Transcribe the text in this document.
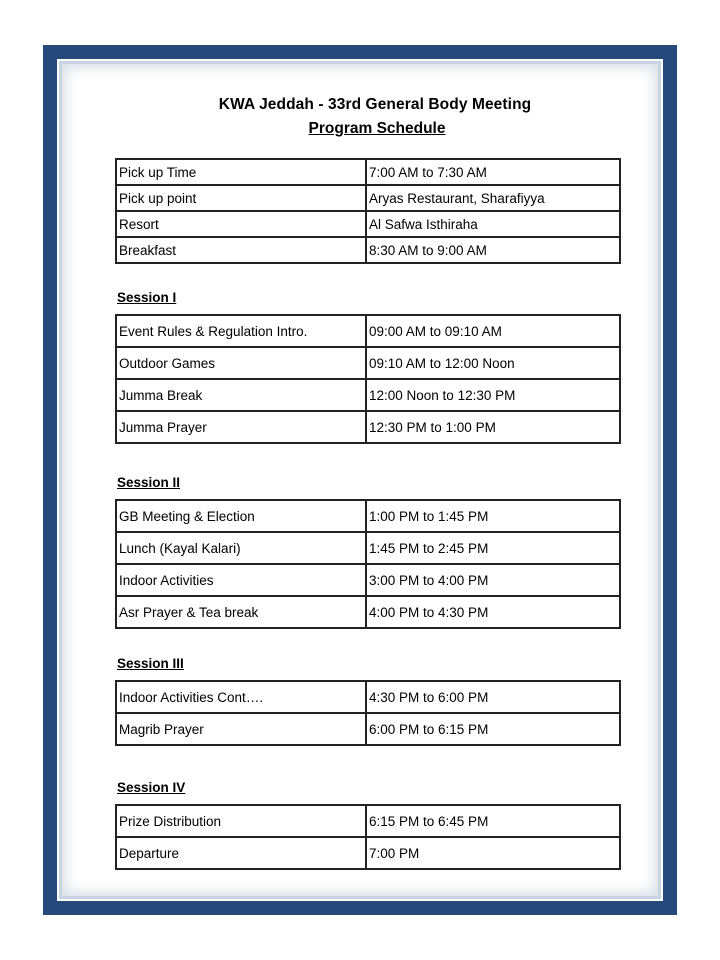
KWA Jeddah - 33rd General Body Meeting
Program Schedule
Pick up Time	7:00 AM to 7:30 AM
Pick up point	Aryas Restaurant, Sharafiyya
Resort	Al Safwa Isthiraha
Breakfast	8:30 AM to 9:00 AM
Session I
Event Rules & Regulation Intro.	09:00 AM to 09:10 AM
Outdoor Games	09:10 AM to 12:00 Noon
Jumma Break	12:00 Noon to 12:30 PM
Jumma Prayer	12:30 PM to 1:00 PM
Session II
GB Meeting & Election	1:00 PM to 1:45 PM
Lunch (Kayal Kalari)	1:45 PM to 2:45 PM
Indoor Activities	3:00 PM to 4:00 PM
Asr Prayer & Tea break	4:00 PM to 4:30 PM
Session III
Indoor Activities Cont….	4:30 PM to 6:00 PM
Magrib Prayer	6:00 PM to 6:15 PM
Session IV
Prize Distribution	6:15 PM to 6:45 PM
Departure	7:00 PM
